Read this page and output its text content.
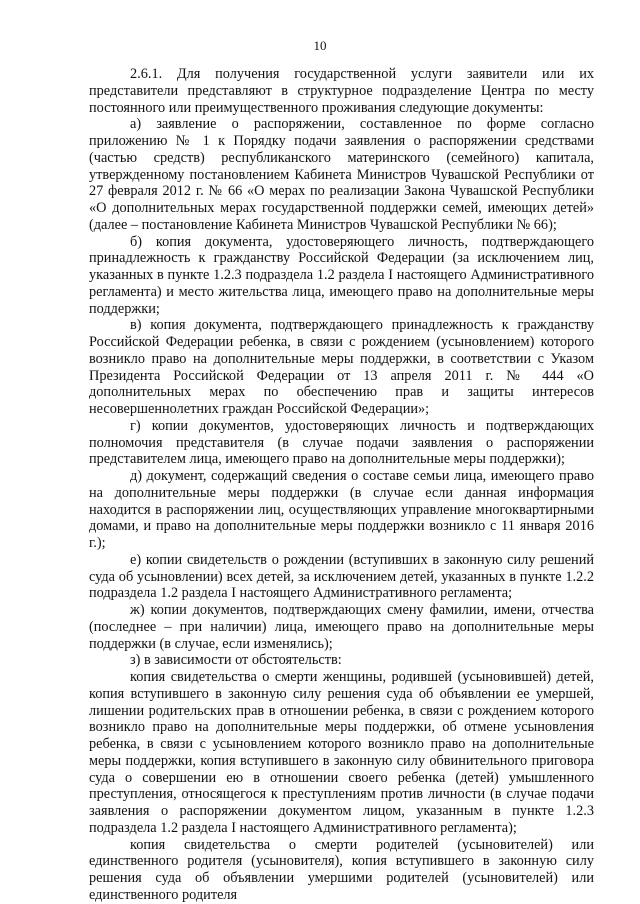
10

2.6.1. Для получения государственной услуги заявители или их представители представляют в структурное подразделение Центра по месту постоянного или преимущественного проживания следующие документы:

а) заявление о распоряжении, составленное по форме согласно приложению № 1 к Порядку подачи заявления о распоряжении средствами (частью средств) республиканского материнского (семейного) капитала, утвержденному постановлением Кабинета Министров Чувашской Республики от 27 февраля 2012 г. № 66 «О мерах по реализации Закона Чувашской Республики «О дополнительных мерах государственной поддержки семей, имеющих детей» (далее – постановление Кабинета Министров Чувашской Республики № 66);

б) копия документа, удостоверяющего личность, подтверждающего принадлежность к гражданству Российской Федерации (за исключением лиц, указанных в пункте 1.2.3 подраздела 1.2 раздела I настоящего Административного регламента) и место жительства лица, имеющего право на дополнительные меры поддержки;

в) копия документа, подтверждающего принадлежность к гражданству Российской Федерации ребенка, в связи с рождением (усыновлением) которого возникло право на дополнительные меры поддержки, в соответствии с Указом Президента Российской Федерации от 13 апреля 2011 г. № 444 «О дополнительных мерах по обеспечению прав и защиты интересов несовершеннолетних граждан Российской Федерации»;

г) копии документов, удостоверяющих личность и подтверждающих полномочия представителя (в случае подачи заявления о распоряжении представителем лица, имеющего право на дополнительные меры поддержки);

д) документ, содержащий сведения о составе семьи лица, имеющего право на дополнительные меры поддержки (в случае если данная информация находится в распоряжении лиц, осуществляющих управление многоквартирными домами, и право на дополнительные меры поддержки возникло с 11 января 2016 г.);

е) копии свидетельств о рождении (вступивших в законную силу решений суда об усыновлении) всех детей, за исключением детей, указанных в пункте 1.2.2 подраздела 1.2 раздела I настоящего Административного регламента;

ж) копии документов, подтверждающих смену фамилии, имени, отчества (последнее – при наличии) лица, имеющего право на дополнительные меры поддержки (в случае, если изменялись);

з) в зависимости от обстоятельств:

копия свидетельства о смерти женщины, родившей (усыновившей) детей, копия вступившего в законную силу решения суда об объявлении ее умершей, лишении родительских прав в отношении ребенка, в связи с рождением которого возникло право на дополнительные меры поддержки, об отмене усыновления ребенка, в связи с усыновлением которого возникло право на дополнительные меры поддержки, копия вступившего в законную силу обвинительного приговора суда о совершении ею в отношении своего ребенка (детей) умышленного преступления, относящегося к преступлениям против личности (в случае подачи заявления о распоряжении документом лицом, указанным в пункте 1.2.3 подраздела 1.2 раздела I настоящего Административного регламента);

копия свидетельства о смерти родителей (усыновителей) или единственного родителя (усыновителя), копия вступившего в законную силу решения суда об объявлении умершими родителей (усыновителей) или единственного родителя
